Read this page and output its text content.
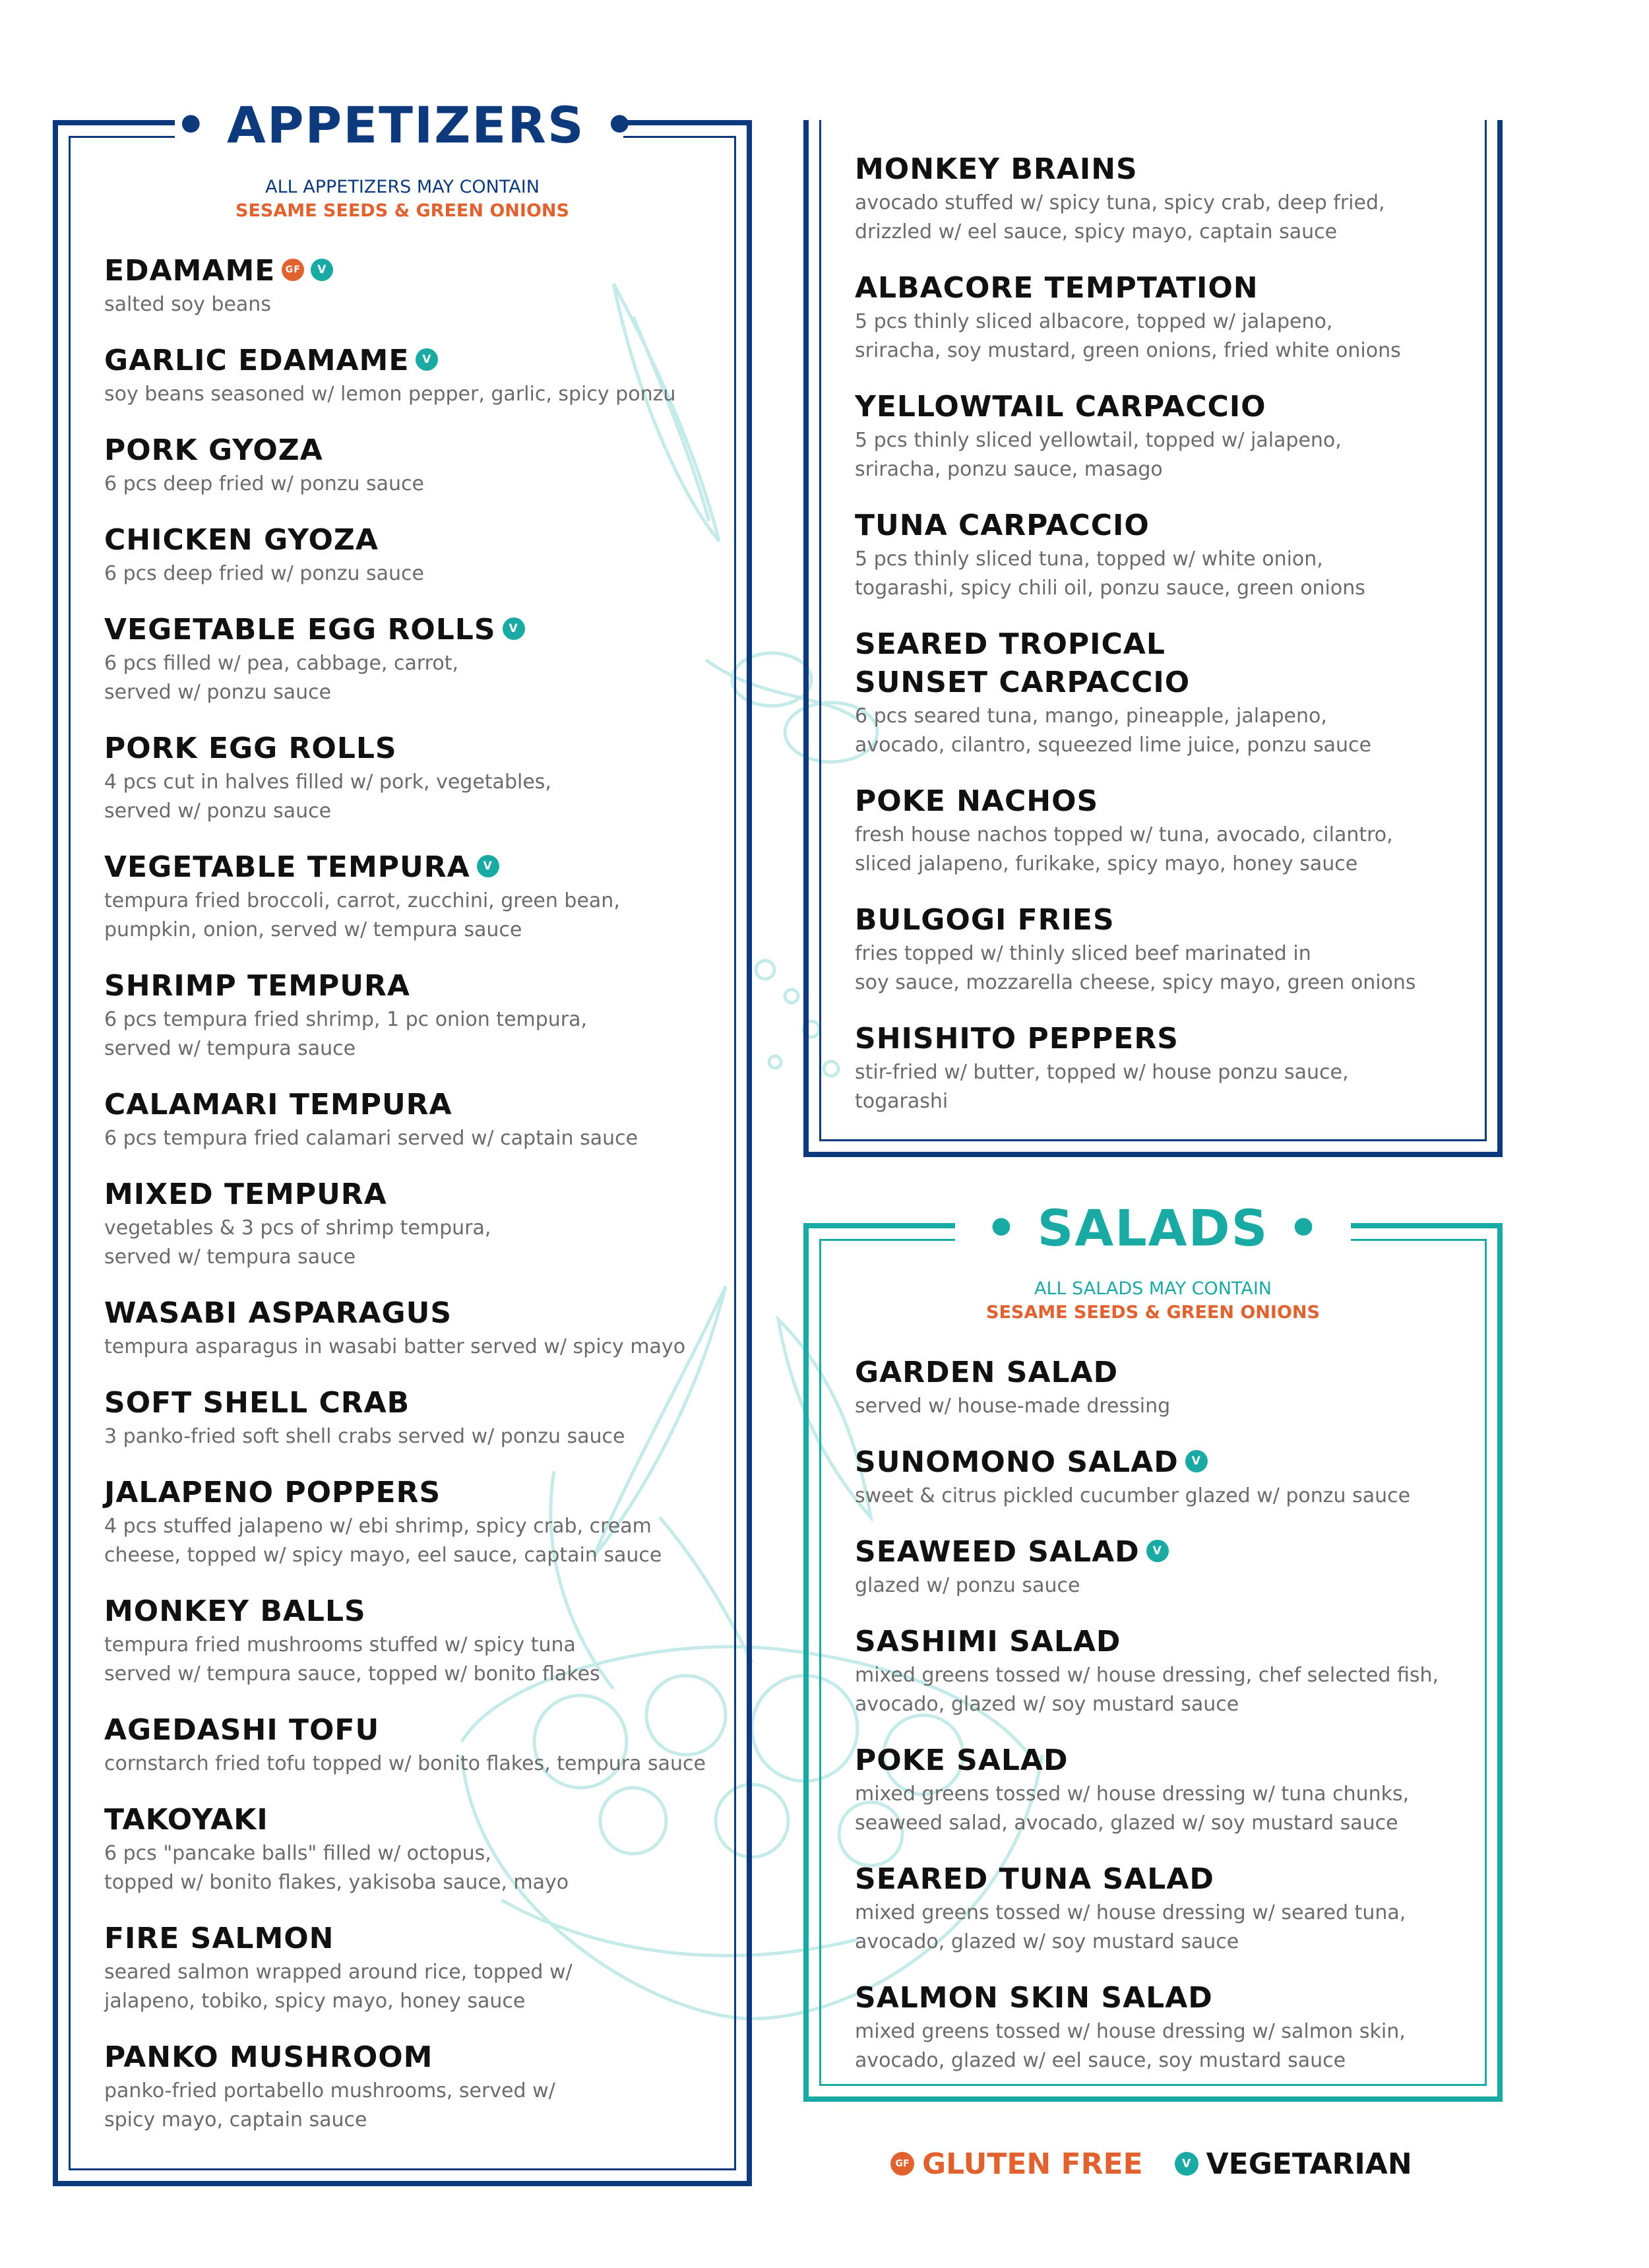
• APPETIZERS •
ALL APPETIZERS MAY CONTAIN
SESAME SEEDS & GREEN ONIONS
EDAMAME GF V
salted soy beans
GARLIC EDAMAME V
soy beans seasoned w/ lemon pepper, garlic, spicy ponzu
PORK GYOZA
6 pcs deep fried w/ ponzu sauce
CHICKEN GYOZA
6 pcs deep fried w/ ponzu sauce
VEGETABLE EGG ROLLS V
6 pcs filled w/ pea, cabbage, carrot,
served w/ ponzu sauce
PORK EGG ROLLS
4 pcs cut in halves filled w/ pork, vegetables,
served w/ ponzu sauce
VEGETABLE TEMPURA V
tempura fried broccoli, carrot, zucchini, green bean,
pumpkin, onion, served w/ tempura sauce
SHRIMP TEMPURA
6 pcs tempura fried shrimp, 1 pc onion tempura,
served w/ tempura sauce
CALAMARI TEMPURA
6 pcs tempura fried calamari served w/ captain sauce
MIXED TEMPURA
vegetables & 3 pcs of shrimp tempura,
served w/ tempura sauce
WASABI ASPARAGUS
tempura asparagus in wasabi batter served w/ spicy mayo
SOFT SHELL CRAB
3 panko-fried soft shell crabs served w/ ponzu sauce
JALAPENO POPPERS
4 pcs stuffed jalapeno w/ ebi shrimp, spicy crab, cream
cheese, topped w/ spicy mayo, eel sauce, captain sauce
MONKEY BALLS
tempura fried mushrooms stuffed w/ spicy tuna
served w/ tempura sauce, topped w/ bonito flakes
AGEDASHI TOFU
cornstarch fried tofu topped w/ bonito flakes, tempura sauce
TAKOYAKI
6 pcs "pancake balls" filled w/ octopus,
topped w/ bonito flakes, yakisoba sauce, mayo
FIRE SALMON
seared salmon wrapped around rice, topped w/
jalapeno, tobiko, spicy mayo, honey sauce
PANKO MUSHROOM
panko-fried portabello mushrooms, served w/
spicy mayo, captain sauce
MONKEY BRAINS
avocado stuffed w/ spicy tuna, spicy crab, deep fried,
drizzled w/ eel sauce, spicy mayo, captain sauce
ALBACORE TEMPTATION
5 pcs thinly sliced albacore, topped w/ jalapeno,
sriracha, soy mustard, green onions, fried white onions
YELLOWTAIL CARPACCIO
5 pcs thinly sliced yellowtail, topped w/ jalapeno,
sriracha, ponzu sauce, masago
TUNA CARPACCIO
5 pcs thinly sliced tuna, topped w/ white onion,
togarashi, spicy chili oil, ponzu sauce, green onions
SEARED TROPICAL
SUNSET CARPACCIO
6 pcs seared tuna, mango, pineapple, jalapeno,
avocado, cilantro, squeezed lime juice, ponzu sauce
POKE NACHOS
fresh house nachos topped w/ tuna, avocado, cilantro,
sliced jalapeno, furikake, spicy mayo, honey sauce
BULGOGI FRIES
fries topped w/ thinly sliced beef marinated in
soy sauce, mozzarella cheese, spicy mayo, green onions
SHISHITO PEPPERS
stir-fried w/ butter, topped w/ house ponzu sauce,
togarashi
• SALADS •
ALL SALADS MAY CONTAIN
SESAME SEEDS & GREEN ONIONS
GARDEN SALAD
served w/ house-made dressing
SUNOMONO SALAD V
sweet & citrus pickled cucumber glazed w/ ponzu sauce
SEAWEED SALAD V
glazed w/ ponzu sauce
SASHIMI SALAD
mixed greens tossed w/ house dressing, chef selected fish,
avocado, glazed w/ soy mustard sauce
POKE SALAD
mixed greens tossed w/ house dressing w/ tuna chunks,
seaweed salad, avocado, glazed w/ soy mustard sauce
SEARED TUNA SALAD
mixed greens tossed w/ house dressing w/ seared tuna,
avocado, glazed w/ soy mustard sauce
SALMON SKIN SALAD
mixed greens tossed w/ house dressing w/ salmon skin,
avocado, glazed w/ eel sauce, soy mustard sauce
GF GLUTEN FREE	V VEGETARIAN
